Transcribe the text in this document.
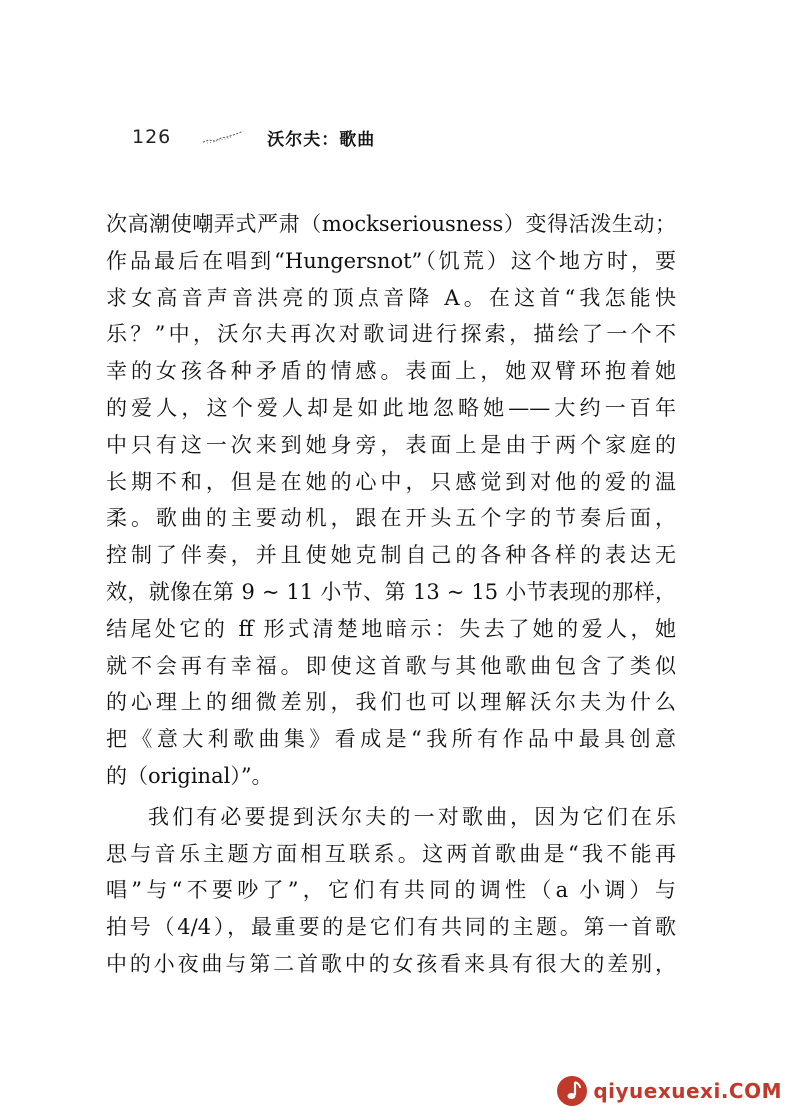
126	沃尔夫：歌曲
次高潮使嘲弄式严肃（mockseriousness）变得活泼生动；
作品最后在唱到“Hungersnot”（饥荒）这个地方时，要
求女高音声音洪亮的顶点音降 A。在这首“我怎能快
乐？”中，沃尔夫再次对歌词进行探索，描绘了一个不
幸的女孩各种矛盾的情感。表面上，她双臂环抱着她
的爱人，这个爱人却是如此地忽略她——大约一百年
中只有这一次来到她身旁，表面上是由于两个家庭的
长期不和，但是在她的心中，只感觉到对他的爱的温
柔。歌曲的主要动机，跟在开头五个字的节奏后面，
控制了伴奏，并且使她克制自己的各种各样的表达无
效，就像在第 9 ~ 11 小节、第 13 ~ 15 小节表现的那样，
结尾处它的 ff 形式清楚地暗示：失去了她的爱人，她
就不会再有幸福。即使这首歌与其他歌曲包含了类似
的心理上的细微差别，我们也可以理解沃尔夫为什么
把《意大利歌曲集》看成是“我所有作品中最具创意
的（original）”。
我们有必要提到沃尔夫的一对歌曲，因为它们在乐
思与音乐主题方面相互联系。这两首歌曲是“我不能再
唱”与“不要吵了”，它们有共同的调性（a 小调）与
拍号（4/4），最重要的是它们有共同的主题。第一首歌
中的小夜曲与第二首歌中的女孩看来具有很大的差别，
qiyuexuexi.COM
